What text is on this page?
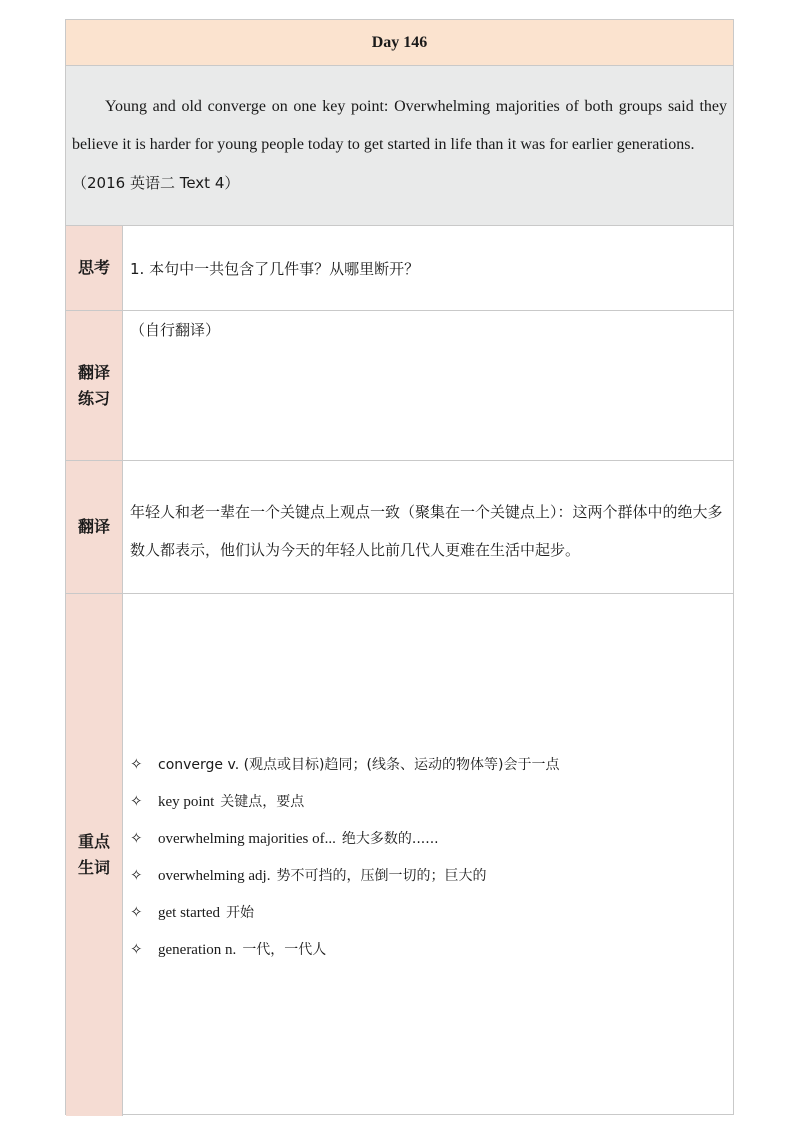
Day 146
Young and old converge on one key point: Overwhelming majorities of both groups said they believe it is harder for young people today to get started in life than it was for earlier generations.
（2016 英语二 Text 4）
思考	1. 本句中一共包含了几件事？从哪里断开？
翻译
练习
（自行翻译）
翻译
年轻人和老一辈在一个关键点上观点一致（聚集在一个关键点上）：这两个群体中的绝大多数人都表示，他们认为今天的年轻人比前几代人更难在生活中起步。
重点
生词
✧ converge v. (观点或目标)趋同；(线条、运动的物体等)会于一点
✧ key point 关键点，要点
✧ overwhelming majorities of... 绝大多数的......
✧ overwhelming adj. 势不可挡的，压倒一切的；巨大的
✧ get started 开始
✧ generation n. 一代，一代人
